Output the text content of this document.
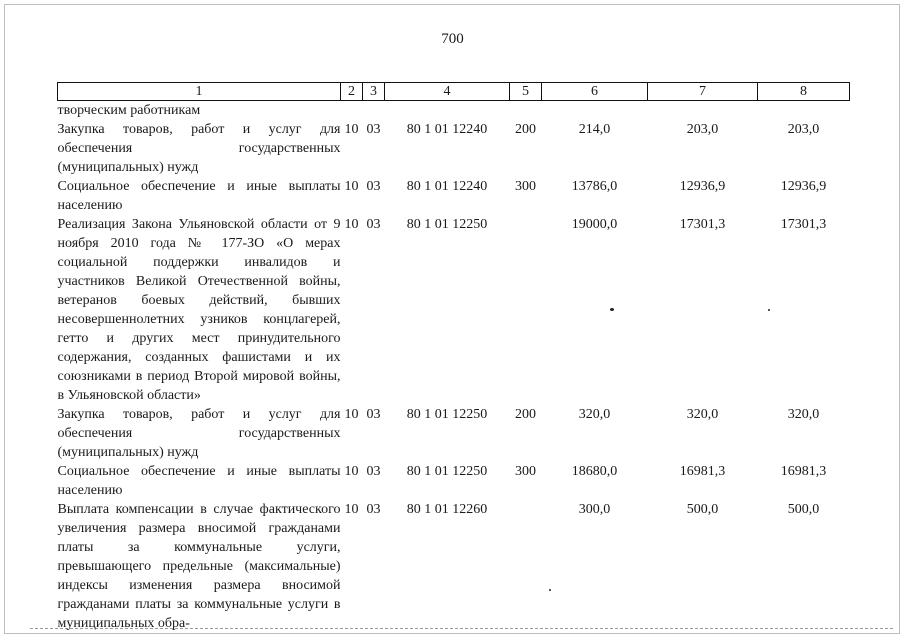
700
1	2	3	4	5	6	7	8
творческим работникам							
Закупка товаров, работ и услуг для обеспечения государственных (муниципальных) нужд	10	03	80 1 01 12240	200	214,0	203,0	203,0
Социальное обеспечение и иные выплаты населению	10	03	80 1 01 12240	300	13786,0	12936,9	12936,9
Реализация Закона Ульяновской области от 9 ноября 2010 года № 177-ЗО «О мерах социальной поддержки инвалидов и участников Великой Отечественной войны, ветеранов боевых действий, бывших несовершеннолетних узников концлагерей, гетто и других мест принудительного содержания, созданных фашистами и их союзниками в период Второй мировой войны, в Ульяновской области»	10	03	80 1 01 12250		19000,0	17301,3	17301,3
Закупка товаров, работ и услуг для обеспечения государственных (муниципальных) нужд	10	03	80 1 01 12250	200	320,0	320,0	320,0
Социальное обеспечение и иные выплаты населению	10	03	80 1 01 12250	300	18680,0	16981,3	16981,3
Выплата компенсации в случае фактического увеличения размера вносимой гражданами платы за коммунальные услуги, превышающего предельные (максимальные) индексы изменения размера вносимой гражданами платы за коммунальные услуги в муниципальных обра-	10	03	80 1 01 12260		300,0	500,0	500,0
